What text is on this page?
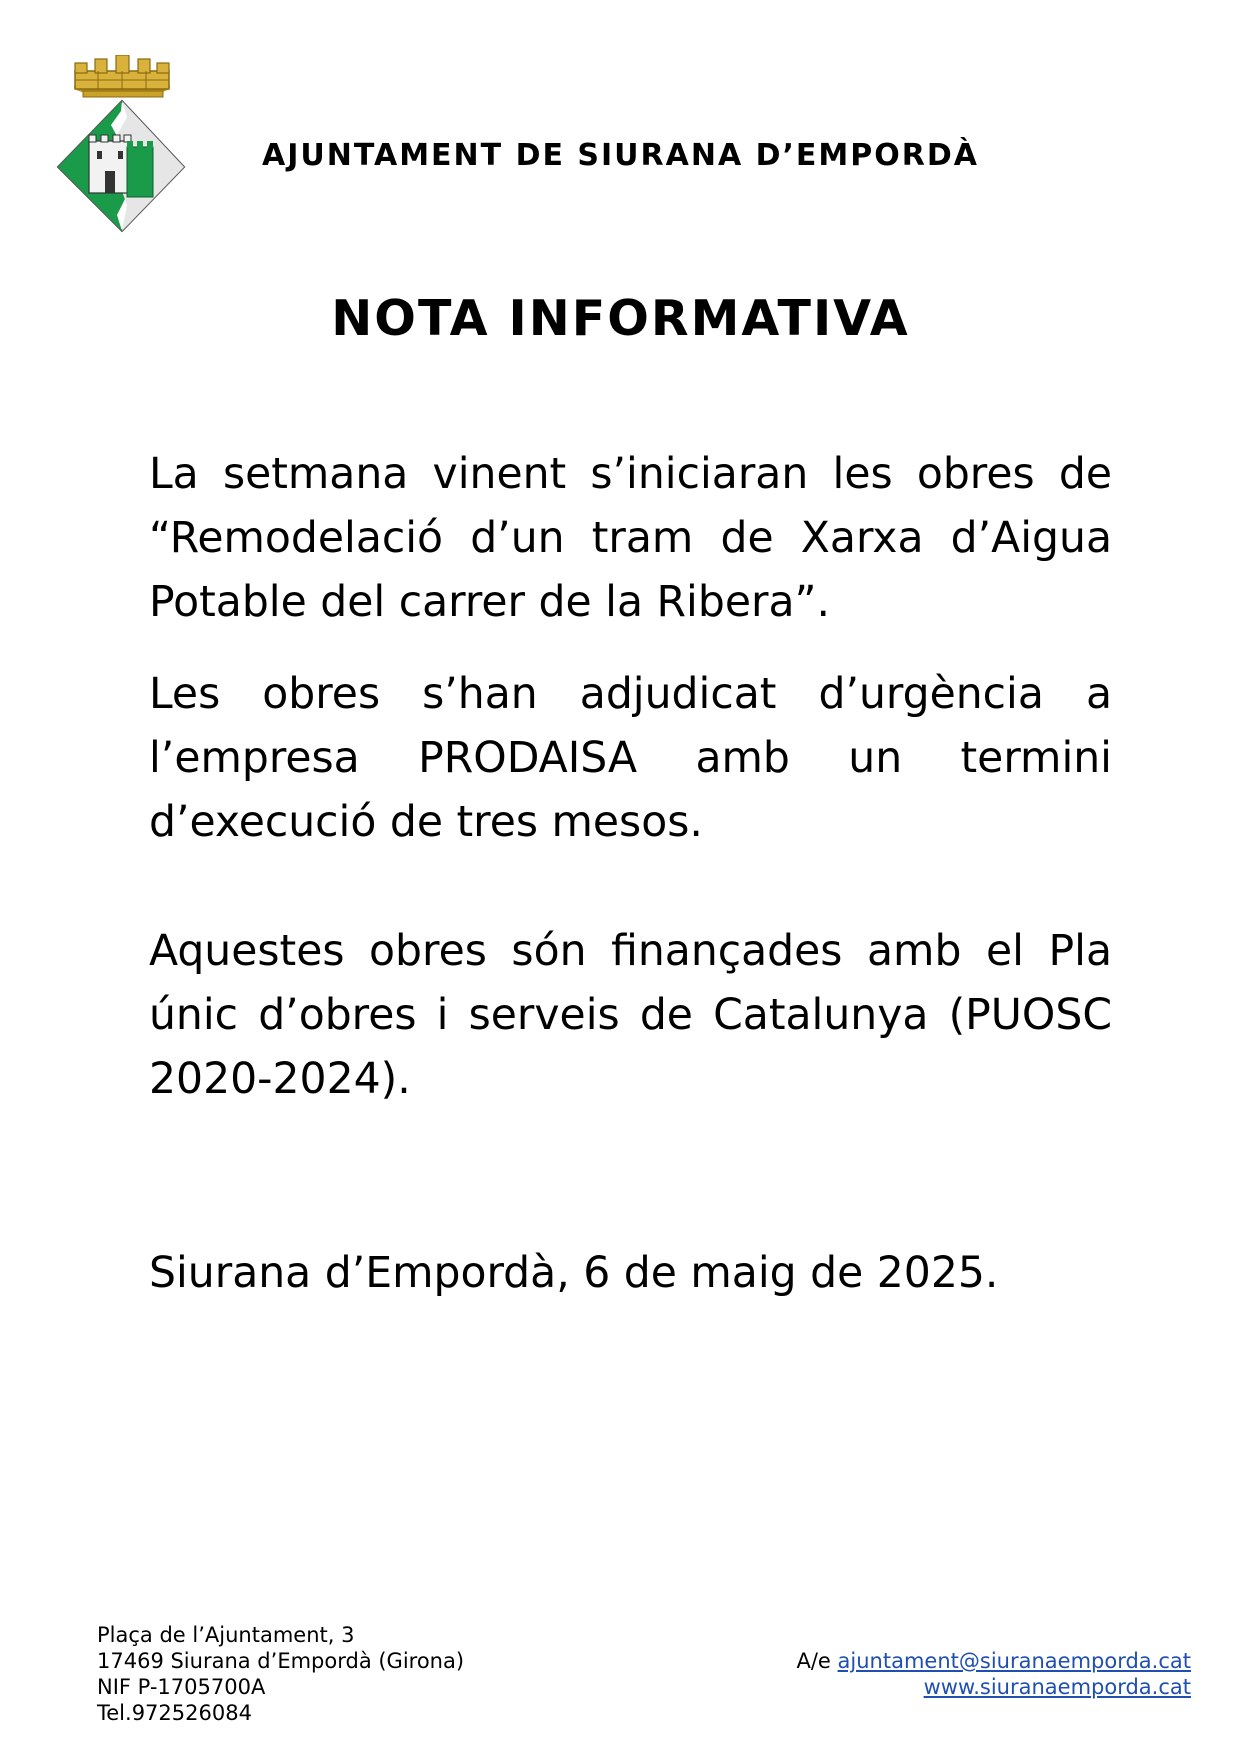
AJUNTAMENT DE SIURANA D’EMPORDÀ
NOTA INFORMATIVA

La setmana vinent s’iniciaran les obres de “Remodelació d’un tram de Xarxa d’Aigua Potable del carrer de la Ribera”.

Les obres s’han adjudicat d’urgència a l’empresa PRODAISA amb un termini d’execució de tres mesos.

Aquestes obres són finançades amb el Pla únic d’obres i serveis de Catalunya (PUOSC 2020-2024).

Siurana d’Empordà, 6 de maig de 2025.
Plaça de l’Ajuntament, 3
17469 Siurana d’Empordà (Girona)
NIF P-1705700A
Tel.972526084
A/e ajuntament@siuranaemporda.cat
www.siuranaemporda.cat
